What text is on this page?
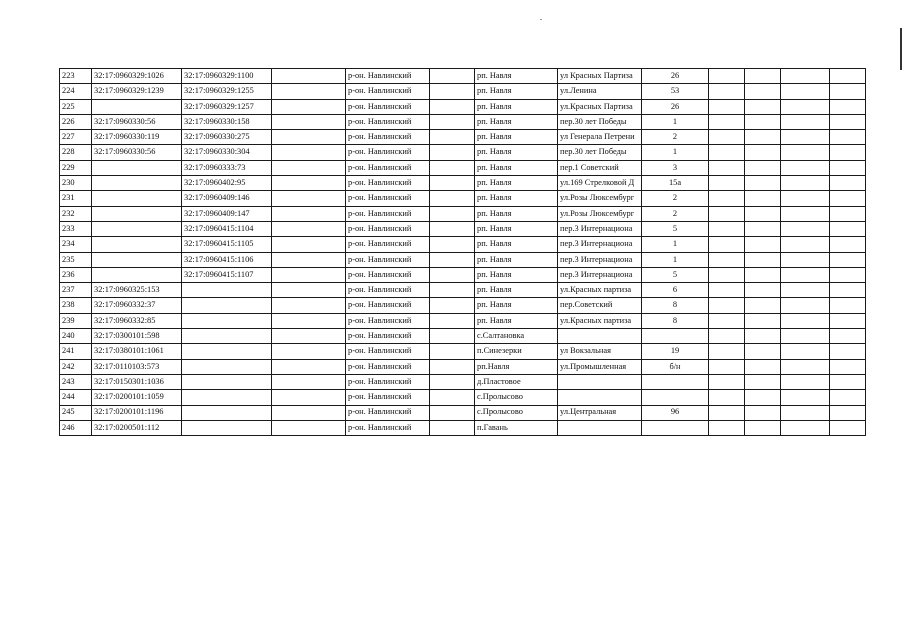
223	32:17:0960329:1026	32:17:0960329:1100		р-он. Навлинский		рп. Навля	ул Красных Партиза	26				
224	32:17:0960329:1239	32:17:0960329:1255		р-он. Навлинский		рп. Навля	ул.Ленина	53				
225		32:17:0960329:1257		р-он. Навлинский		рп. Навля	ул.Красных Партиза	26				
226	32:17:0960330:56	32:17:0960330:158		р-он. Навлинский		рп. Навля	пер.30 лет Победы	1				
227	32:17:0960330:119	32:17:0960330:275		р-он. Навлинский		рп. Навля	ул Генерала Петрени	2				
228	32:17:0960330:56	32:17:0960330:304		р-он. Навлинский		рп. Навля	пер.30 лет Победы	1				
229		32:17:0960333:73		р-он. Навлинский		рп. Навля	пер.1 Советский	3				
230		32:17:0960402:95		р-он. Навлинский		рп. Навля	ул.169 Стрелковой Д	15а				
231		32:17:0960409:146		р-он. Навлинский		рп. Навля	ул.Розы Люксембург	2				
232		32:17:0960409:147		р-он. Навлинский		рп. Навля	ул.Розы Люксембург	2				
233		32:17:0960415:1104		р-он. Навлинский		рп. Навля	пер.3 Интернациона	5				
234		32:17:0960415:1105		р-он. Навлинский		рп. Навля	пер.3 Интернациона	1				
235		32:17:0960415:1106		р-он. Навлинский		рп. Навля	пер.3 Интернациона	1				
236		32:17:0960415:1107		р-он. Навлинский		рп. Навля	пер.3 Интернациона	5				
237	32:17:0960325:153			р-он. Навлинский		рп. Навля	ул.Красных партиза	6				
238	32:17:0960332:37			р-он. Навлинский		рп. Навля	пер.Советский	8				
239	32:17:0960332:85			р-он. Навлинский		рп. Навля	ул.Красных партиза	8				
240	32:17:0300101:598			р-он. Навлинский		с.Салтановка						
241	32:17:0380101:1061			р-он. Навлинский		п.Синезерки	ул Вокзальная	19				
242	32:17:0110103:573			р-он. Навлинский		рп.Навля	ул.Промышленная	б/н				
243	32:17:0150301:1036			р-он. Навлинский		д.Пластовое						
244	32:17:0200101:1059			р-он. Навлинский		с.Пролысово						
245	32:17:0200101:1196			р-он. Навлинский		с.Пролысово	ул.Центральная	96				
246	32:17:0200501:112			р-он. Навлинский		п.Гавань						
